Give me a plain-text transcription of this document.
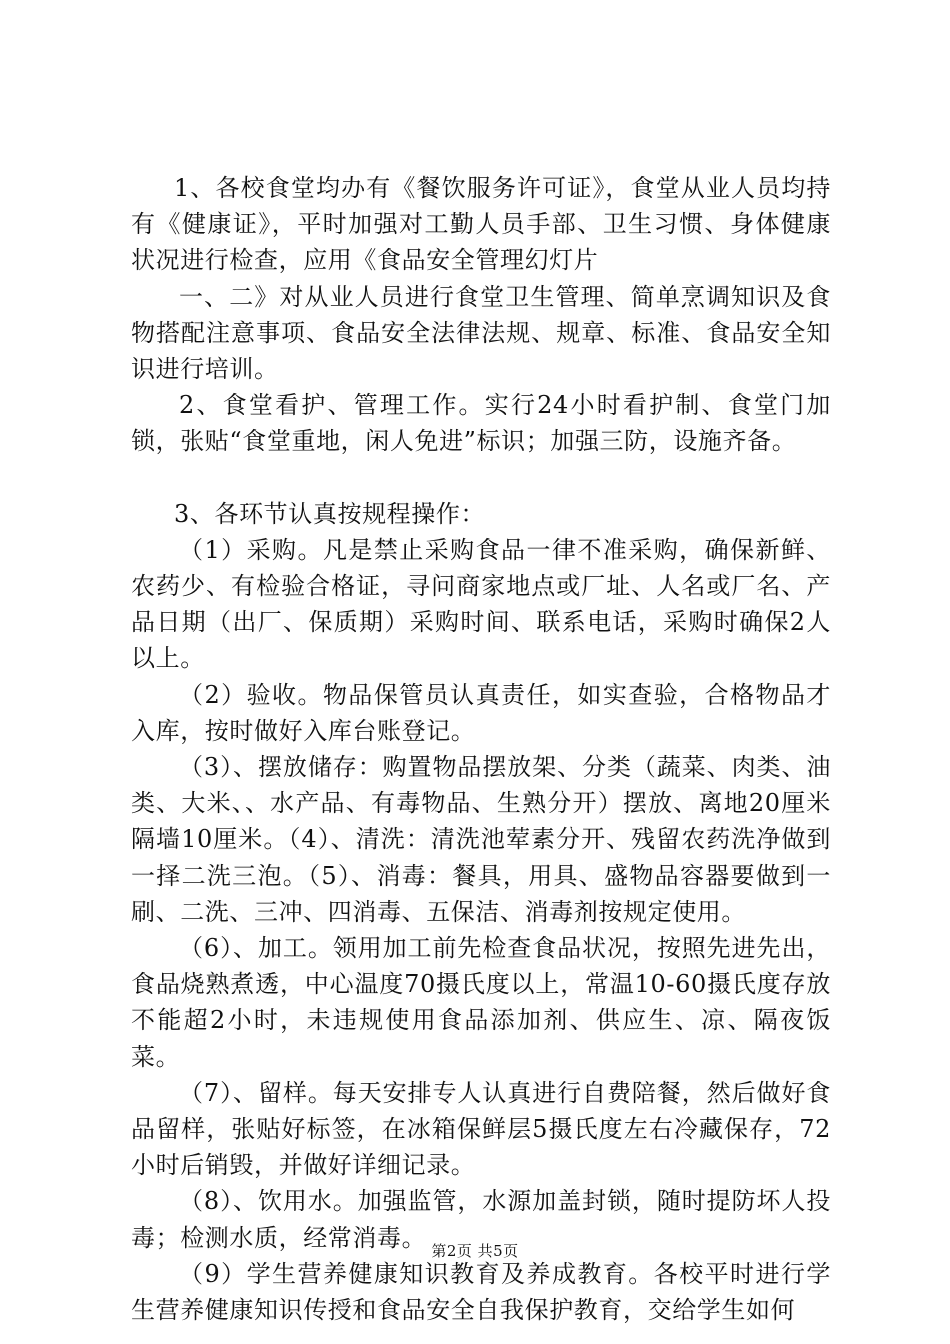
1、各校食堂均办有《餐饮服务许可证》，食堂从业人员均持有《健康证》，平时加强对工勤人员手部、卫生习惯、身体健康状况进行检查，应用《食品安全管理幻灯片

一、二》对从业人员进行食堂卫生管理、简单烹调知识及食物搭配注意事项、食品安全法律法规、规章、标准、食品安全知识进行培训。

2、食堂看护、管理工作。实行24小时看护制、食堂门加锁，张贴“食堂重地，闲人免进”标识；加强三防，设施齐备。

3、各环节认真按规程操作：

（1）采购。凡是禁止采购食品一律不准采购，确保新鲜、农药少、有检验合格证，寻问商家地点或厂址、人名或厂名、产品日期（出厂、保质期）采购时间、联系电话，采购时确保2人以上。

（2）验收。物品保管员认真责任，如实查验，合格物品才入库，按时做好入库台账登记。

（3）、摆放储存：购置物品摆放架、分类（蔬菜、肉类、油类、大米、、水产品、有毒物品、生熟分开）摆放、离地20厘米隔墙10厘米。（4）、清洗：清洗池荤素分开、残留农药洗净做到一择二洗三泡。（5）、消毒：餐具，用具、盛物品容器要做到一刷、二洗、三冲、四消毒、五保洁、消毒剂按规定使用。

（6）、加工。领用加工前先检查食品状况，按照先进先出，食品烧熟煮透，中心温度70摄氏度以上，常温10-60摄氏度存放不能超2小时，未违规使用食品添加剂、供应生、凉、隔夜饭菜。

（7）、留样。每天安排专人认真进行自费陪餐，然后做好食品留样，张贴好标签，在冰箱保鲜层5摄氏度左右冷藏保存，72小时后销毁，并做好详细记录。

（8）、饮用水。加强监管，水源加盖封锁，随时提防坏人投毒；检测水质，经常消毒。

（9）学生营养健康知识教育及养成教育。各校平时进行学生营养健康知识传授和食品安全自我保护教育，交给学生如何

第2页 共5页
